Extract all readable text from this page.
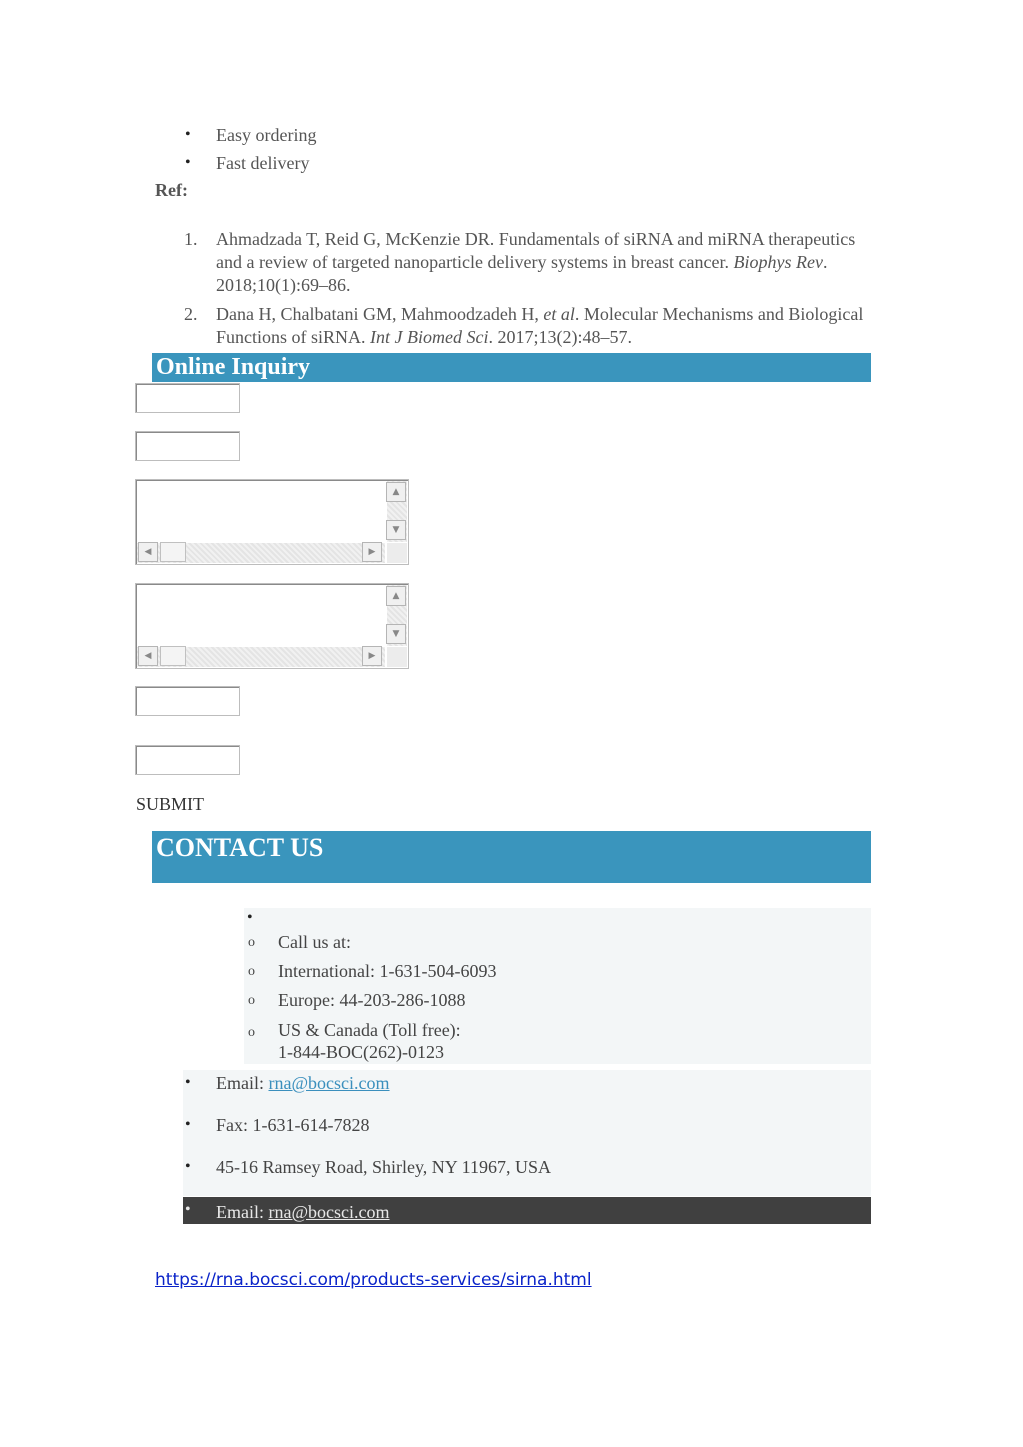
• Easy ordering
• Fast delivery
Ref:
1. Ahmadzada T, Reid G, McKenzie DR. Fundamentals of siRNA and miRNA therapeutics and a review of targeted nanoparticle delivery systems in breast cancer. Biophys Rev. 2018;10(1):69–86.
2. Dana H, Chalbatani GM, Mahmoodzadeh H, et al. Molecular Mechanisms and Biological Functions of siRNA. Int J Biomed Sci. 2017;13(2):48–57.
Online Inquiry
▲
▼
◀	▶
▲
▼
◀	▶
SUBMIT
CONTACT US
•
o Call us at:
o International: 1-631-504-6093
o Europe: 44-203-286-1088
o US & Canada (Toll free):
1-844-BOC(262)-0123
• Email: rna@bocsci.com
• Fax: 1-631-614-7828
• 45-16 Ramsey Road, Shirley, NY 11967, USA
• Email: rna@bocsci.com
https://rna.bocsci.com/products-services/sirna.html
